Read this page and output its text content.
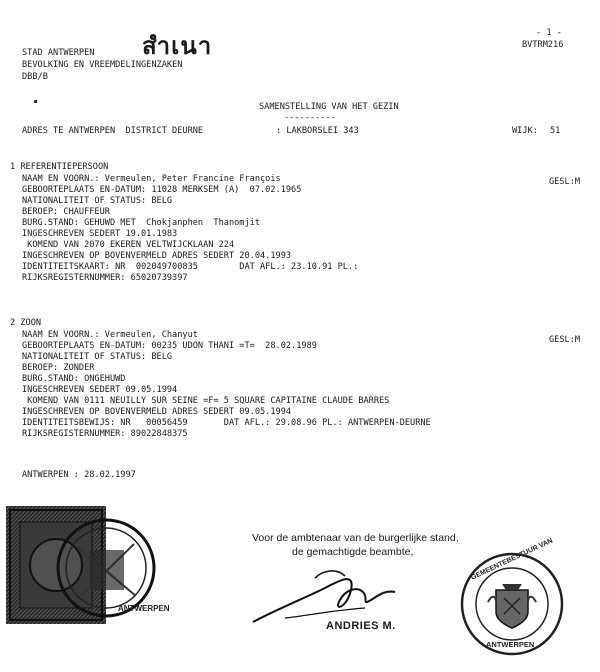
STAD ANTWERPEN
BEVOLKING EN VREEMDELINGENZAKEN
DBB/B
สำเนา	- 1 -
BVTRM216
SAMENSTELLING VAN HET GEZIN
----------
ADRES TE ANTWERPEN  DISTRICT DEURNE	: LAKBORSLEI 343	WIJK: 51
1 REFERENTIEPERSOON
GESL:M
NAAM EN VOORN.: Vermeulen, Peter Francine François
GEBOORTEPLAATS EN-DATUM: 11028 MERKSEM (A)  07.02.1965
NATIONALITEIT OF STATUS: BELG
BEROEP: CHAUFFEUR
BURG.STAND: GEHUWD MET  Chokjanphen  Thanomjit
INGESCHREVEN SEDERT 19.01.1983
KOMEND VAN 2070 EKEREN VELTWIJCKLAAN 224
INGESCHREVEN OP BOVENVERMELD ADRES SEDERT 20.04.1993
IDENTITEITSKAART: NR  002049700835        DAT AFL.: 23.10.91 PL.:
RIJKSREGISTERNUMMER: 65020739397
2 ZOON
GESL:M
NAAM EN VOORN.: Vermeulen, Chanyut
GEBOORTEPLAATS EN-DATUM: 00235 UDON THANI =T=  28.02.1989
NATIONALITEIT OF STATUS: BELG
BEROEP: ZONDER
BURG.STAND: ONGEHUWD
INGESCHREVEN SEDERT 09.05.1994
KOMEND VAN 0111 NEUILLY SUR SEINE =F= 5 SQUARE CAPITAINE CLAUDE BARRES
INGESCHREVEN OP BOVENVERMELD ADRES SEDERT 09.05.1994
IDENTITEITSBEWIJS: NR   00056459       DAT AFL.: 29.08.96 PL.: ANTWERPEN-DEURNE
RIJKSREGISTERNUMMER: 89022848375
ANTWERPEN : 28.02.1997
ANTWERPEN
Voor de ambtenaar van de burgerlijke stand,
de gemachtigde beambte,
ANDRIES M.
GEMEENTEBESTUUR VAN
ANTWERPEN
